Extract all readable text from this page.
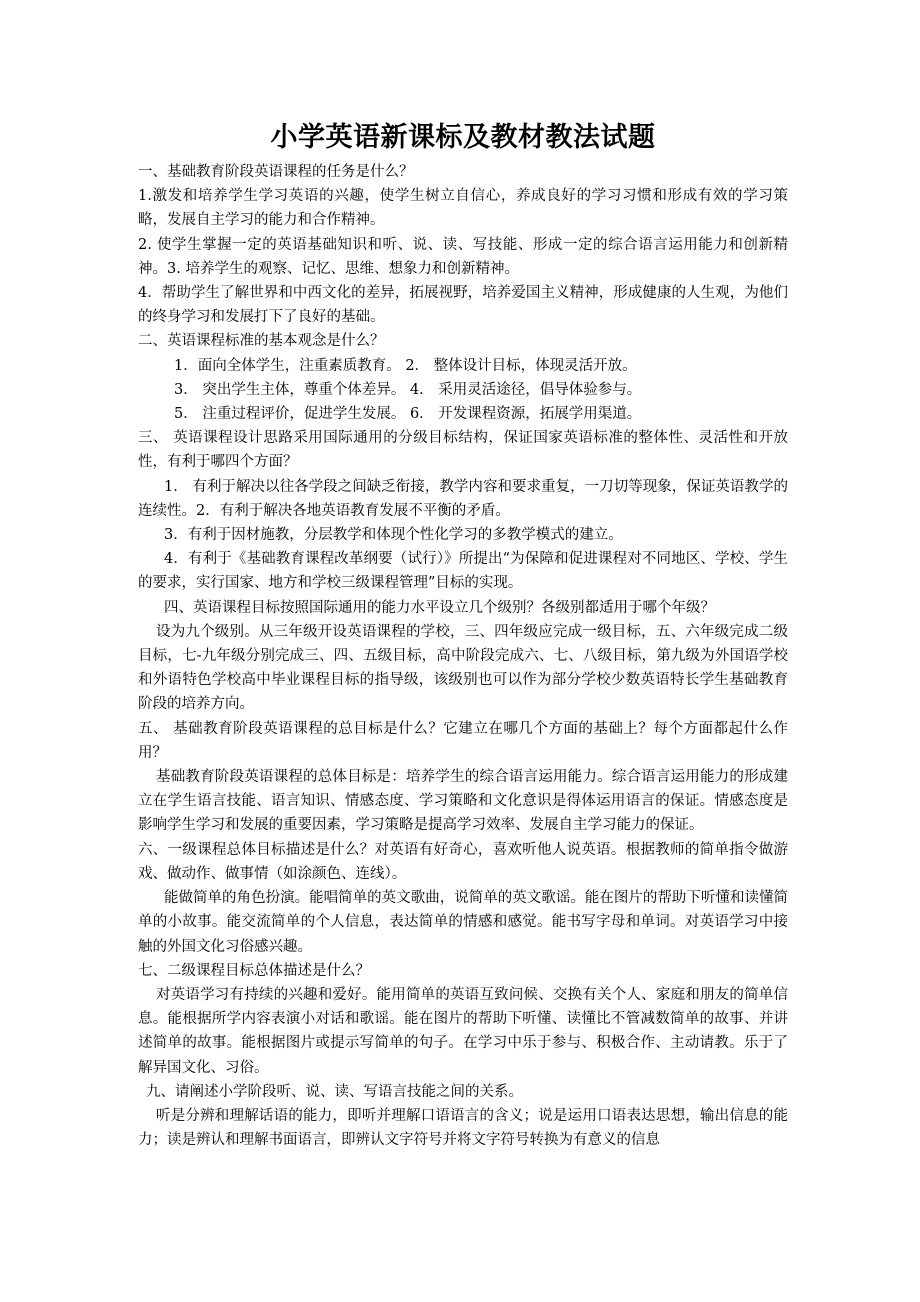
小学英语新课标及教材教法试题

一、基础教育阶段英语课程的任务是什么？

1.激发和培养学生学习英语的兴趣，使学生树立自信心，养成良好的学习习惯和形成有效的学习策略，发展自主学习的能力和合作精神。

2. 使学生掌握一定的英语基础知识和听、说、读、写技能、形成一定的综合语言运用能力和创新精神。3. 培养学生的观察、记忆、思维、想象力和创新精神。

4．帮助学生了解世界和中西文化的差异，拓展视野，培养爱国主义精神，形成健康的人生观，为他们的终身学习和发展打下了良好的基础。

二、英语课程标准的基本观念是什么？

1．面向全体学生，注重素质教育。 2． 整体设计目标，体现灵活开放。

3． 突出学生主体，尊重个体差异。 4． 采用灵活途径，倡导体验参与。

5． 注重过程评价，促进学生发展。 6． 开发课程资源，拓展学用渠道。

三、 英语课程设计思路采用国际通用的分级目标结构，保证国家英语标准的整体性、灵活性和开放性，有利于哪四个方面？

1． 有利于解决以往各学段之间缺乏衔接，教学内容和要求重复，一刀切等现象，保证英语教学的连续性。2．有利于解决各地英语教育发展不平衡的矛盾。

3．有利于因材施教，分层教学和体现个性化学习的多教学模式的建立。

4．有利于《基础教育课程改革纲要（试行）》所提出“为保障和促进课程对不同地区、学校、学生的要求，实行国家、地方和学校三级课程管理”目标的实现。

四、英语课程目标按照国际通用的能力水平设立几个级别？各级别都适用于哪个年级？

设为九个级别。从三年级开设英语课程的学校，三、四年级应完成一级目标，五、六年级完成二级目标，七-九年级分别完成三、四、五级目标，高中阶段完成六、七、八级目标，第九级为外国语学校和外语特色学校高中毕业课程目标的指导级，该级别也可以作为部分学校少数英语特长学生基础教育阶段的培养方向。

五、 基础教育阶段英语课程的总目标是什么？它建立在哪几个方面的基础上？每个方面都起什么作用？

基础教育阶段英语课程的总体目标是：培养学生的综合语言运用能力。综合语言运用能力的形成建立在学生语言技能、语言知识、情感态度、学习策略和文化意识是得体运用语言的保证。情感态度是影响学生学习和发展的重要因素，学习策略是提高学习效率、发展自主学习能力的保证。

六、一级课程总体目标描述是什么？对英语有好奇心，喜欢听他人说英语。根据教师的简单指令做游戏、做动作、做事情（如涂颜色、连线）。

能做简单的角色扮演。能唱简单的英文歌曲，说简单的英文歌谣。能在图片的帮助下听懂和读懂简单的小故事。能交流简单的个人信息，表达简单的情感和感觉。能书写字母和单词。对英语学习中接触的外国文化习俗感兴趣。

七、二级课程目标总体描述是什么？

对英语学习有持续的兴趣和爱好。能用简单的英语互致问候、交换有关个人、家庭和朋友的简单信息。能根据所学内容表演小对话和歌谣。能在图片的帮助下听懂、读懂比不管减数简单的故事、并讲述简单的故事。能根据图片或提示写简单的句子。在学习中乐于参与、积极合作、主动请教。乐于了解异国文化、习俗。

九、请阐述小学阶段听、说、读、写语言技能之间的关系。

听是分辨和理解话语的能力，即听并理解口语语言的含义；说是运用口语表达思想，输出信息的能力；读是辨认和理解书面语言，即辨认文字符号并将文字符号转换为有意义的信息
